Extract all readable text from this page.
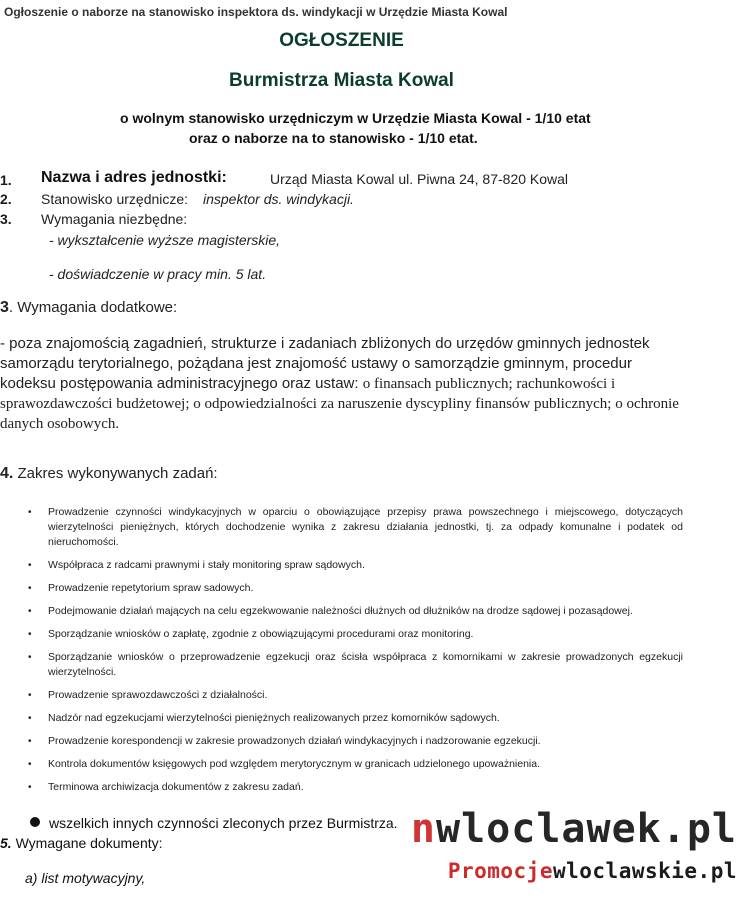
Ogłoszenie o naborze na stanowisko inspektora ds. windykacji w Urzędzie Miasta Kowal
OGŁOSZENIE
Burmistrza Miasta Kowal
o wolnym stanowisko urzędniczym w Urzędzie Miasta Kowal - 1/10 etat
oraz o naborze na to stanowisko - 1/10 etat.
1. Nazwa i adres jednostki:	Urząd Miasta Kowal ul. Piwna 24, 87-820 Kowal
2. Stanowisko urzędnicze: inspektor ds. windykacji.
3. Wymagania niezbędne:
- wykształcenie wyższe magisterskie,
- doświadczenie w pracy min. 5 lat.
3. Wymagania dodatkowe:
- poza znajomością zagadnień, strukturze i zadaniach zbliżonych do urzędów gminnych jednostek samorządu terytorialnego, pożądana jest znajomość ustawy o samorządzie gminnym, procedur kodeksu postępowania administracyjnego oraz ustaw: o finansach publicznych; rachunkowości i sprawozdawczości budżetowej; o odpowiedzialności za naruszenie dyscypliny finansów publicznych; o ochronie danych osobowych.
4. Zakres wykonywanych zadań:
• Prowadzenie czynności windykacyjnych w oparciu o obowiązujące przepisy prawa powszechnego i miejscowego, dotyczących wierzytelności pieniężnych, których dochodzenie wynika z zakresu działania jednostki, tj. za odpady komunalne i podatek od nieruchomości.
• Współpraca z radcami prawnymi i stały monitoring spraw sądowych.
• Prowadzenie repetytorium spraw sadowych.
• Podejmowanie działań mających na celu egzekwowanie należności dłużnych od dłużników na drodze sądowej i pozasądowej.
• Sporządzanie wniosków o zapłatę, zgodnie z obowiązującymi procedurami oraz monitoring.
• Sporządzanie wniosków o przeprowadzenie egzekucji oraz ścisła współpraca z komornikami w zakresie prowadzonych egzekucji wierzytelności.
• Prowadzenie sprawozdawczości z działalności.
• Nadzór nad egzekucjami wierzytelności pieniężnych realizowanych przez komorników sądowych.
• Prowadzenie korespondencji w zakresie prowadzonych działań windykacyjnych i nadzorowanie egzekucji.
• Kontrola dokumentów księgowych pod względem merytorycznym w granicach udzielonego upoważnienia.
• Terminowa archiwizacja dokumentów z zakresu zadań.
wszelkich innych czynności zleconych przez Burmistrza.
5. Wymagane dokumenty:
a) list motywacyjny,
nwloclawek.pl
Promocjewloclawskie.pl
